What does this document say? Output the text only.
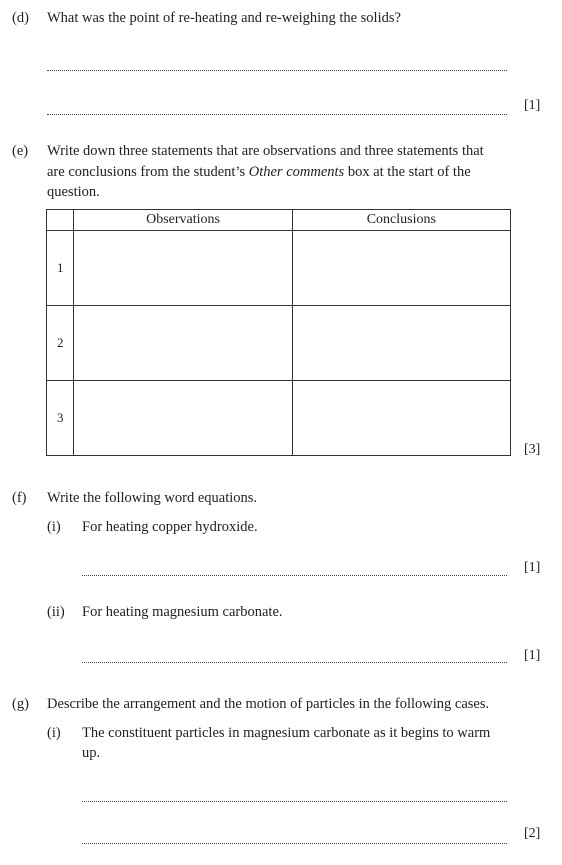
(d) What was the point of re-heating and re-weighing the solids?
[1]
(e) Write down three statements that are observations and three statements that
are conclusions from the student’s Other comments box at the start of the
question.
	Observations	Conclusions
1		
2		
3		
[3]
(f) Write the following word equations.
(i) For heating copper hydroxide.
[1]
(ii) For heating magnesium carbonate.
[1]
(g) Describe the arrangement and the motion of particles in the following cases.
(i) The constituent particles in magnesium carbonate as it begins to warm
up.
[2]
